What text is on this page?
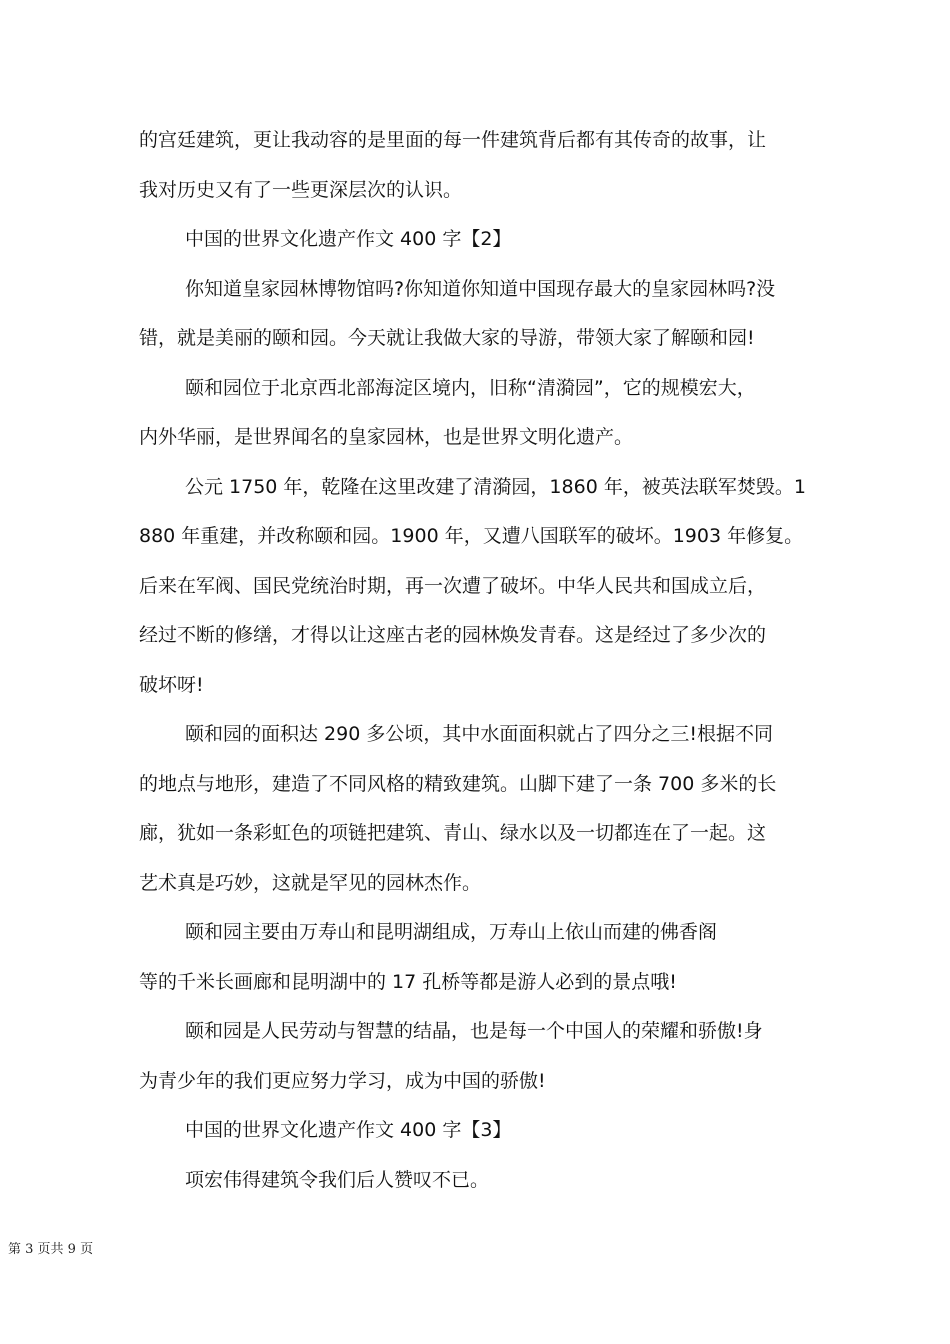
的宫廷建筑，更让我动容的是里面的每一件建筑背后都有其传奇的故事，让
我对历史又有了一些更深层次的认识。
中国的世界文化遗产作文 400 字【2】
你知道皇家园林博物馆吗?你知道你知道中国现存最大的皇家园林吗?没
错，就是美丽的颐和园。今天就让我做大家的导游，带领大家了解颐和园!
颐和园位于北京西北部海淀区境内，旧称“清漪园”，它的规模宏大，
内外华丽，是世界闻名的皇家园林，也是世界文明化遗产。
公元 1750 年，乾隆在这里改建了清漪园，1860 年，被英法联军焚毁。1
880 年重建，并改称颐和园。1900 年，又遭八国联军的破坏。1903 年修复。
后来在军阀、国民党统治时期，再一次遭了破坏。中华人民共和国成立后，
经过不断的修缮，才得以让这座古老的园林焕发青春。这是经过了多少次的
破坏呀!
颐和园的面积达 290 多公顷，其中水面面积就占了四分之三!根据不同
的地点与地形，建造了不同风格的精致建筑。山脚下建了一条 700 多米的长
廊，犹如一条彩虹色的项链把建筑、青山、绿水以及一切都连在了一起。这
艺术真是巧妙，这就是罕见的园林杰作。
颐和园主要由万寿山和昆明湖组成，万寿山上依山而建的佛香阁
等的千米长画廊和昆明湖中的 17 孔桥等都是游人必到的景点哦!
颐和园是人民劳动与智慧的结晶，也是每一个中国人的荣耀和骄傲!身
为青少年的我们更应努力学习，成为中国的骄傲!
中国的世界文化遗产作文 400 字【3】
项宏伟得建筑令我们后人赞叹不已。
第 3 页共 9 页
